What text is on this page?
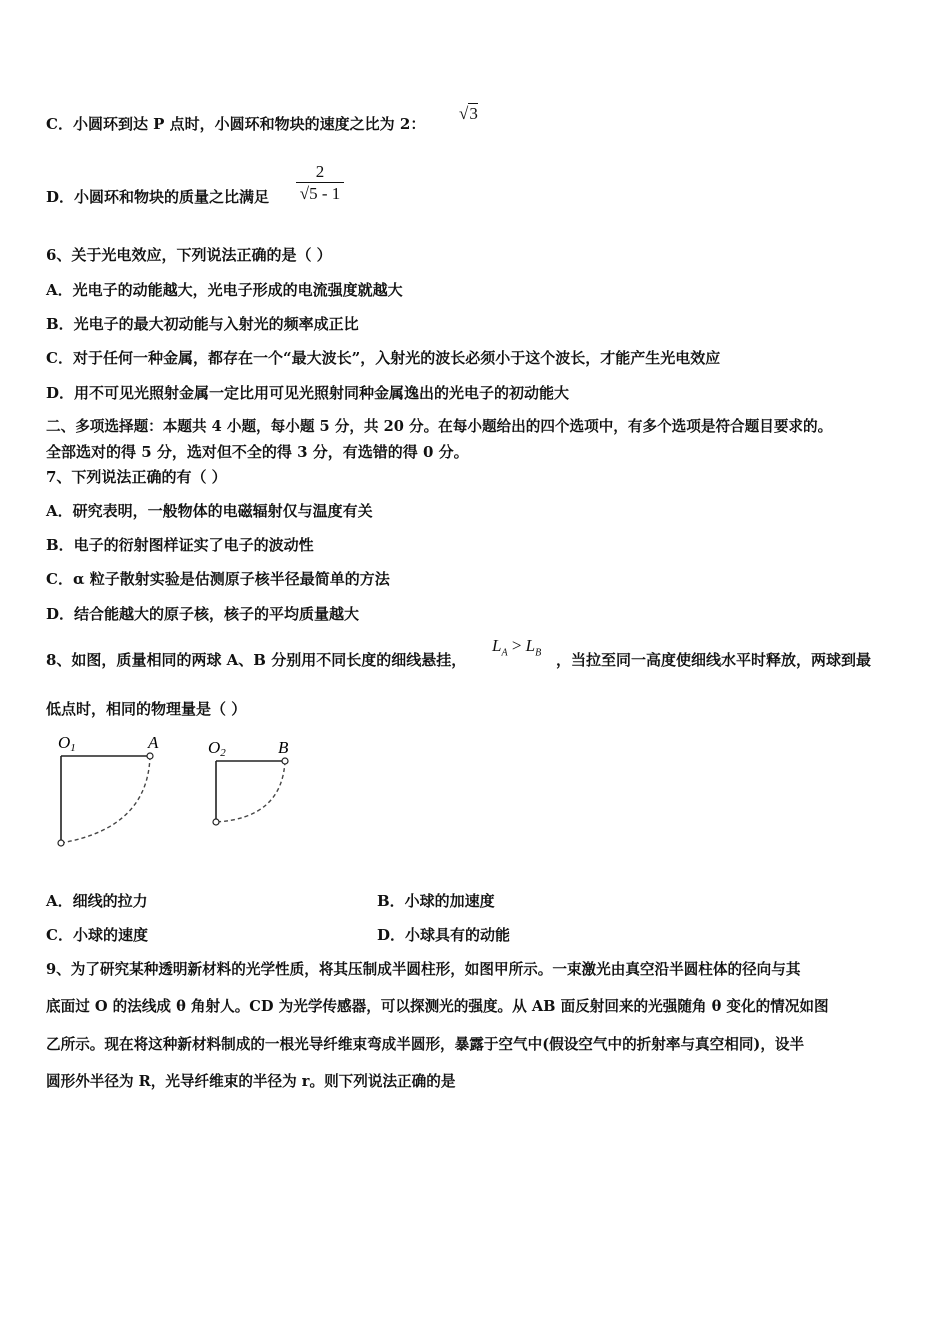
C．小圆环到达 P 点时，小圆环和物块的速度之比为 2：
√3
D．小圆环和物块的质量之比满足 $\frac{2}{√5 - 1}$
6、关于光电效应，下列说法正确的是（ ）
A．光电子的动能越大，光电子形成的电流强度就越大
B．光电子的最大初动能与入射光的频率成正比
C．对于任何一种金属，都存在一个“最大波长”，入射光的波长必须小于这个波长，才能产生光电效应
D．用不可见光照射金属一定比用可见光照射同种金属逸出的光电子的初动能大
二、多项选择题：本题共 4 小题，每小题 5 分，共 20 分。在每小题给出的四个选项中，有多个选项是符合题目要求的。
全部选对的得 5 分，选对但不全的得 3 分，有选错的得 0 分。
7、下列说法正确的有（ ）
A．研究表明，一般物体的电磁辐射仅与温度有关
B．电子的衍射图样证实了电子的波动性
C．α 粒子散射实验是估测原子核半径最简单的方法
D．结合能越大的原子核，核子的平均质量越大
8、如图，质量相同的两球 A、B 分别用不同长度的细线悬挂，
$L_A > L_B$ ，当拉至同一高度使细线水平时释放，两球到最
低点时，相同的物理量是（ ）
O1	A	O2	B
A．细线的拉力	B．小球的加速度
C．小球的速度	D．小球具有的动能
9、为了研究某种透明新材料的光学性质，将其压制成半圆柱形，如图甲所示。一束激光由真空沿半圆柱体的径向与其
底面过 O 的法线成 θ 角射人。CD 为光学传感器，可以探测光的强度。从 AB 面反射回来的光强随角 θ 变化的情况如图
乙所示。现在将这种新材料制成的一根光导纤维束弯成半圆形，暴露于空气中(假设空气中的折射率与真空相同)，设半
圆形外半径为 R，光导纤维束的半径为 r。则下列说法正确的是
